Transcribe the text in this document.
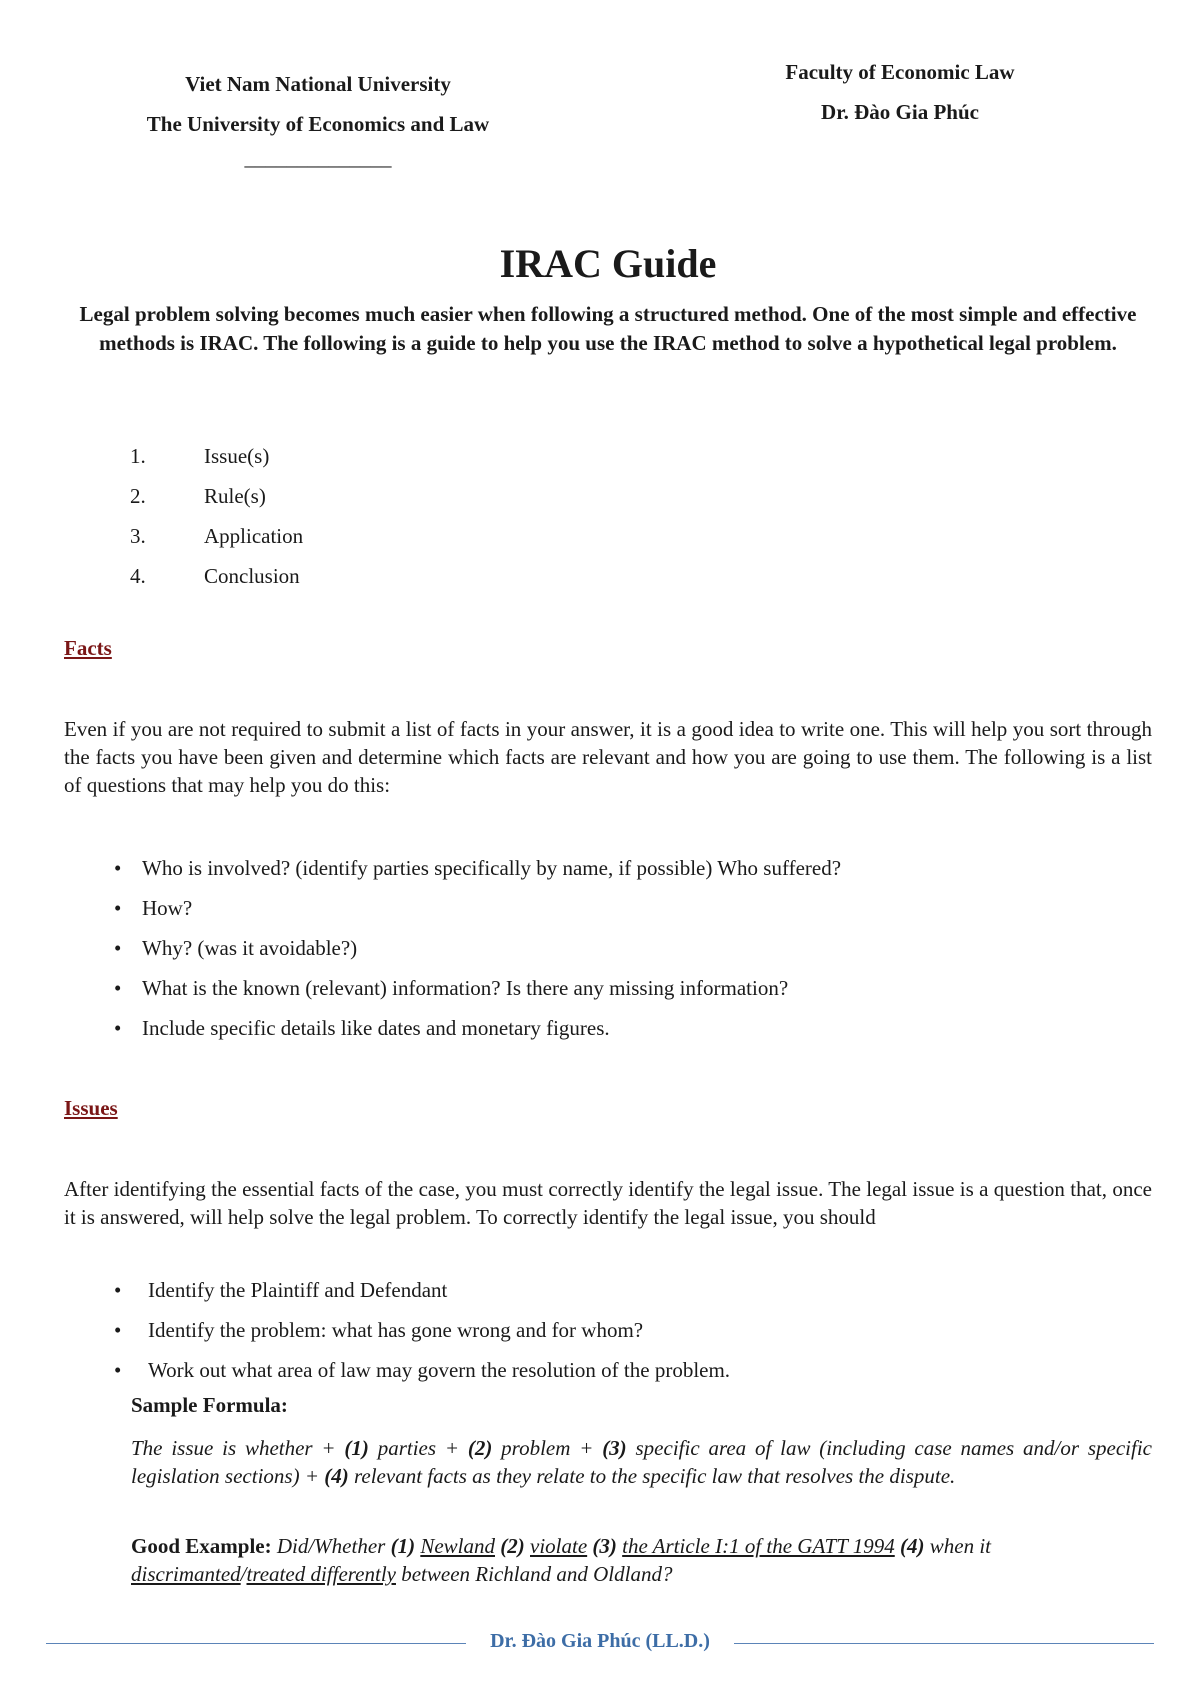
Viet Nam National University
The University of Economics and Law
______________
Faculty of Economic Law
Dr. Đào Gia Phúc
IRAC Guide
Legal problem solving becomes much easier when following a structured method. One of the most simple and effective methods is IRAC. The following is a guide to help you use the IRAC method to solve a hypothetical legal problem.
1.	Issue(s)
2.	Rule(s)
3.	Application
4.	Conclusion
Facts
Even if you are not required to submit a list of facts in your answer, it is a good idea to write one. This will help you sort through the facts you have been given and determine which facts are relevant and how you are going to use them. The following is a list of questions that may help you do this:
• Who is involved? (identify parties specifically by name, if possible) Who suffered?
• How?
• Why? (was it avoidable?)
• What is the known (relevant) information? Is there any missing information?
• Include specific details like dates and monetary figures.
Issues
After identifying the essential facts of the case, you must correctly identify the legal issue. The legal issue is a question that, once it is answered, will help solve the legal problem. To correctly identify the legal issue, you should
• Identify the Plaintiff and Defendant
• Identify the problem: what has gone wrong and for whom?
• Work out what area of law may govern the resolution of the problem.
Sample Formula:
The issue is whether + (1) parties + (2) problem + (3) specific area of law (including case names and/or specific legislation sections) + (4) relevant facts as they relate to the specific law that resolves the dispute.
Good Example: Did/Whether (1) Newland (2) violate (3) the Article I:1 of the GATT 1994 (4) when it discrimanted/treated differently between Richland and Oldland?
Dr. Đào Gia Phúc (LL.D.)
